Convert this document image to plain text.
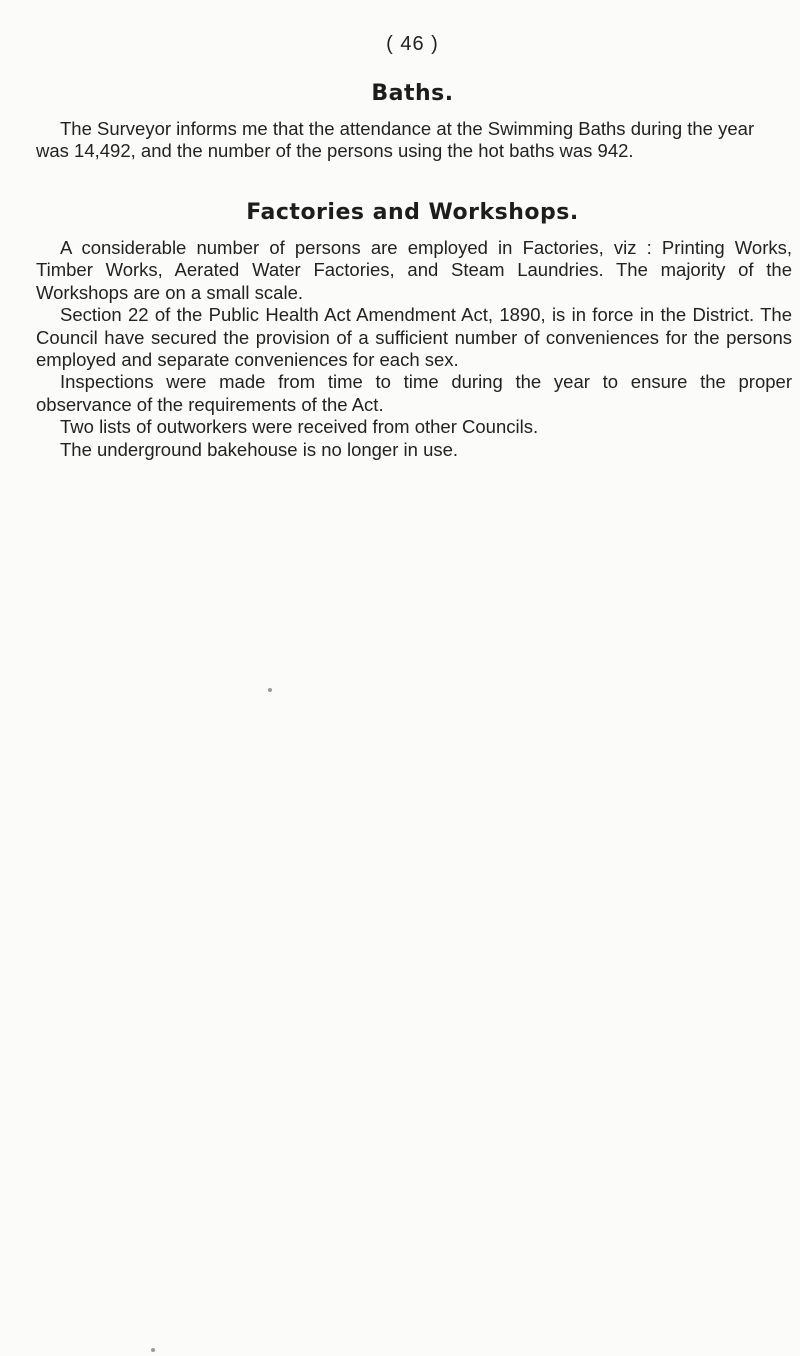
( 46 )
Baths.

The Surveyor informs me that the attendance at the Swimming Baths during the year was 14,492, and the number of the persons using the hot baths was 942.

Factories and Workshops.

A considerable number of persons are employed in Factories, viz : Printing Works, Timber Works, Aerated Water Factories, and Steam Laundries. The majority of the Workshops are on a small scale.

Section 22 of the Public Health Act Amendment Act, 1890, is in force in the District. The Council have secured the provision of a sufficient number of conveniences for the persons employed and separate conveniences for each sex.

Inspections were made from time to time during the year to ensure the proper observance of the requirements of the Act.

Two lists of outworkers were received from other Councils.

The underground bakehouse is no longer in use.
